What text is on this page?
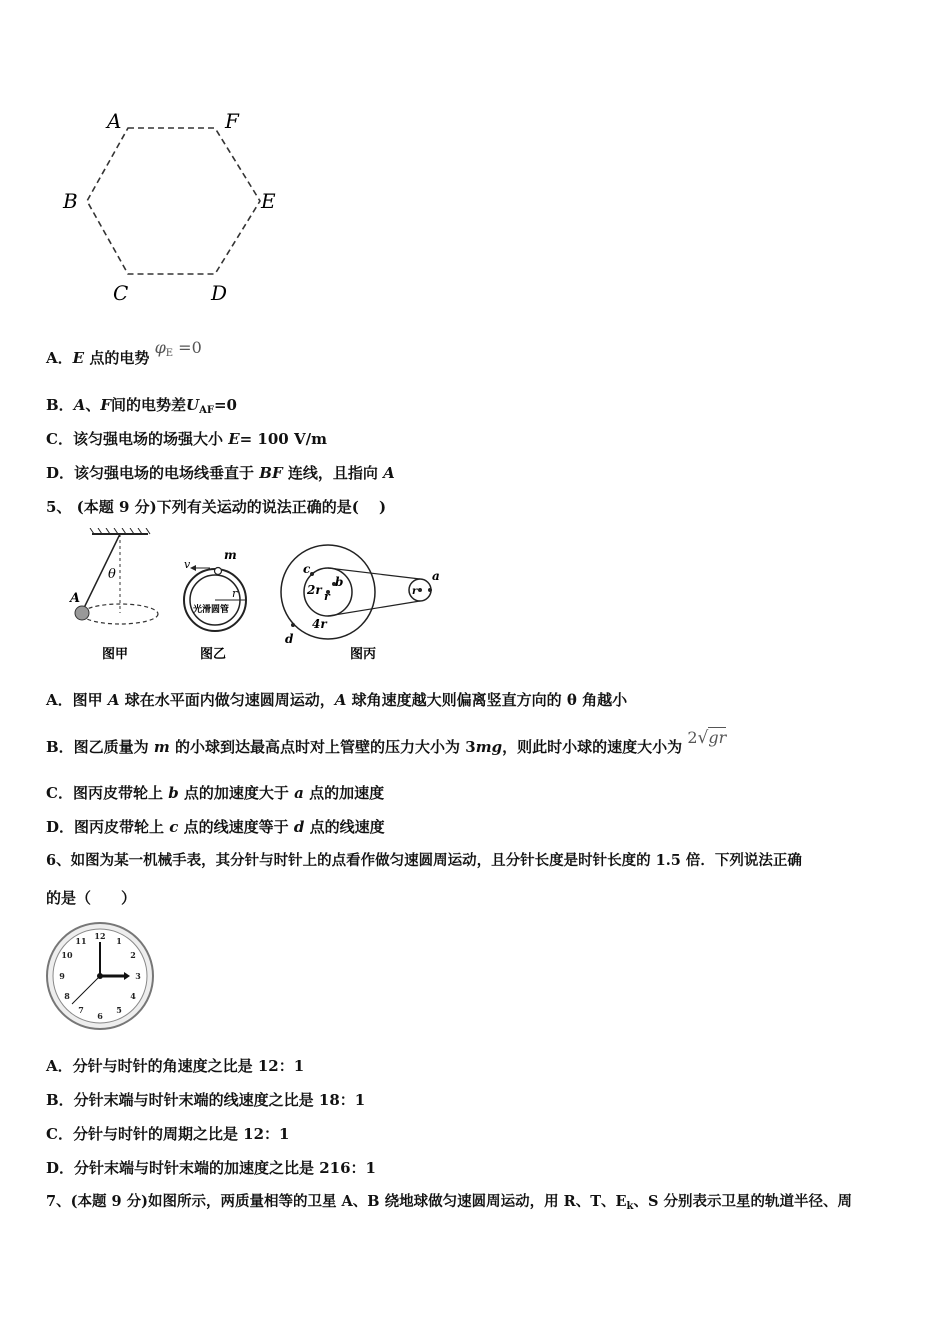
A	F
B	E
C	D
A．E 点的电势 $\varphi_E =0$
B．A、F间的电势差$U_{AF}=0$
C．该匀强电场的场强大小 E= 100 V/m
D．该匀强电场的电场线垂直于 BF 连线，且指向 A
5、 (本题 9 分)下列有关运动的说法正确的是(　 )
θ
A
图甲
v
m
r
光滑圆管
图乙
c
b
d
a
2r r
4r
r
图丙
A．图甲 A 球在水平面内做匀速圆周运动，A 球角速度越大则偏离竖直方向的 θ 角越小
B．图乙质量为 m 的小球到达最高点时对上管壁的压力大小为 3mg，则此时小球的速度大小为 2√gr
C．图丙皮带轮上 b 点的加速度大于 a 点的加速度
D．图丙皮带轮上 c 点的线速度等于 d 点的线速度
6、如图为某一机械手表，其分针与时针上的点看作做匀速圆周运动，且分针长度是时针长度的 1.5 倍．下列说法正确
的是（　　）
12 1
2
3
4
5
6
7
8
9
10
11
A．分针与时针的角速度之比是 12：1
B．分针末端与时针末端的线速度之比是 18：1
C．分针与时针的周期之比是 12：1
D．分针末端与时针末端的加速度之比是 216：1
7、(本题 9 分)如图所示，两质量相等的卫星 A、B 绕地球做匀速圆周运动，用 R、T、$E_k$、S 分别表示卫星的轨道半径、周
